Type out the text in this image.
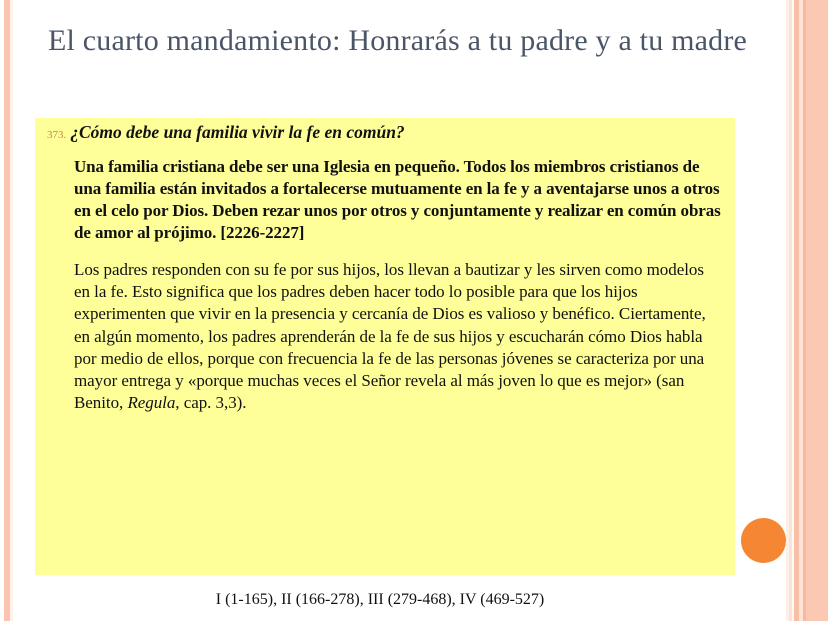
El cuarto mandamiento: Honrarás a tu padre y a tu madre
373. ¿Cómo debe una familia vivir la fe en común?

Una familia cristiana debe ser una Iglesia en pequeño. Todos los miembros cristianos de una familia están invitados a fortalecerse mutuamente en la fe y a aventajarse unos a otros en el celo por Dios. Deben rezar unos por otros y conjuntamente y realizar en común obras de amor al prójimo. [2226-2227]

Los padres responden con su fe por sus hijos, los llevan a bautizar y les sirven como modelos en la fe. Esto significa que los padres deben hacer todo lo posible para que los hijos experimenten que vivir en la presencia y cercanía de Dios es valioso y benéfico. Ciertamente, en algún momento, los padres aprenderán de la fe de sus hijos y escucharán cómo Dios habla por medio de ellos, porque con frecuencia la fe de las personas jóvenes se caracteriza por una mayor entrega y «porque muchas veces el Señor revela al más joven lo que es mejor» (san Benito, Regula, cap. 3,3).

I (1-165), II (166-278), III (279-468), IV (469-527)
